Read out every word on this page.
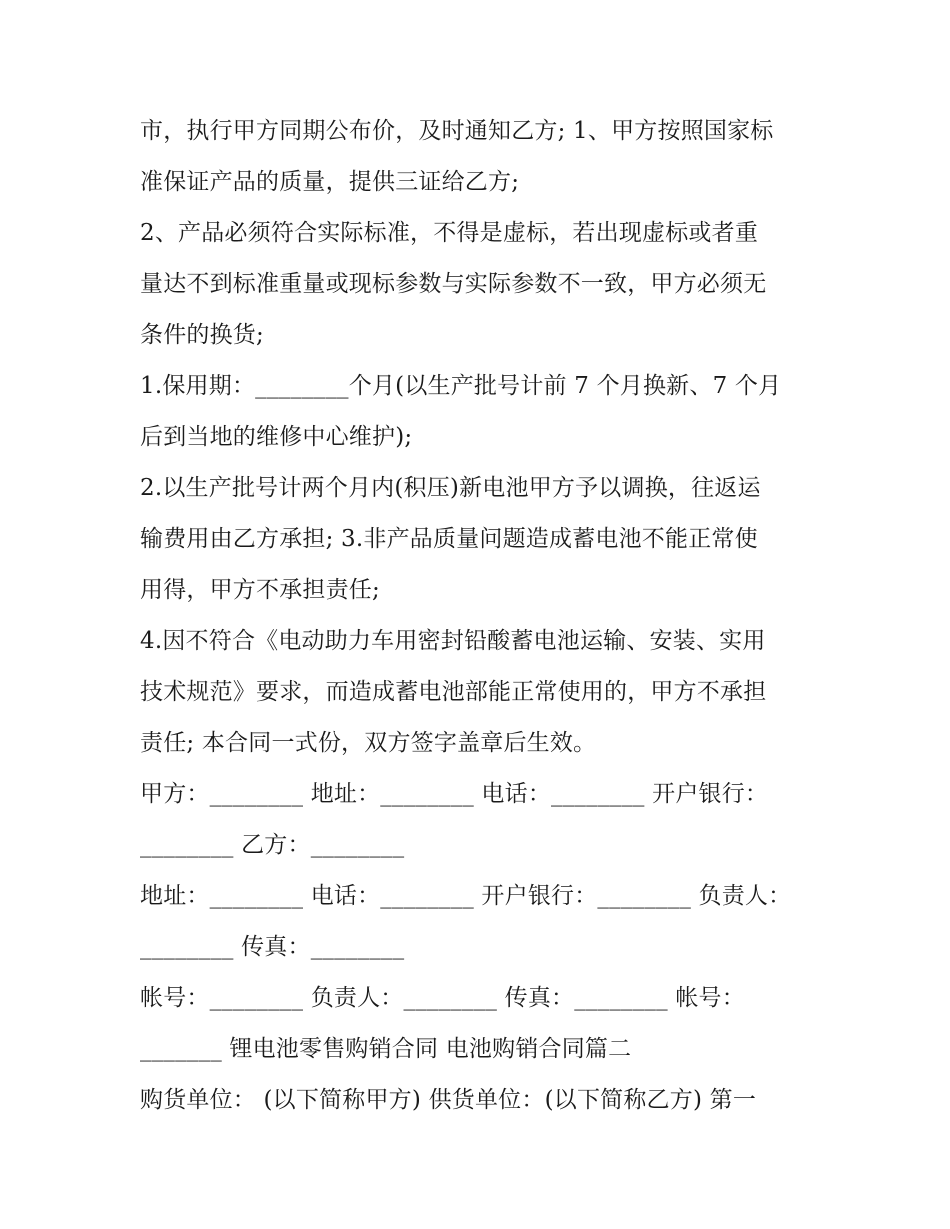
市，执行甲方同期公布价，及时通知乙方; 1、甲方按照国家标
准保证产品的质量，提供三证给乙方;
2、产品必须符合实际标准，不得是虚标，若出现虚标或者重
量达不到标准重量或现标参数与实际参数不一致，甲方必须无
条件的换货;
1.保用期：________个月(以生产批号计前 7 个月换新、7 个月
后到当地的维修中心维护);
2.以生产批号计两个月内(积压)新电池甲方予以调换，往返运
输费用由乙方承担; 3.非产品质量问题造成蓄电池不能正常使
用得，甲方不承担责任;
4.因不符合《电动助力车用密封铅酸蓄电池运输、安装、实用
技术规范》要求，而造成蓄电池部能正常使用的，甲方不承担
责任; 本合同一式份，双方签字盖章后生效。
甲方：________ 地址：________ 电话：________ 开户银行：
________ 乙方：________
地址：________ 电话：________ 开户银行：________ 负责人：
________ 传真：________
帐号：________ 负责人：________ 传真：________ 帐号：
_______ 锂电池零售购销合同 电池购销合同篇二
购货单位： (以下简称甲方) 供货单位：(以下简称乙方) 第一
